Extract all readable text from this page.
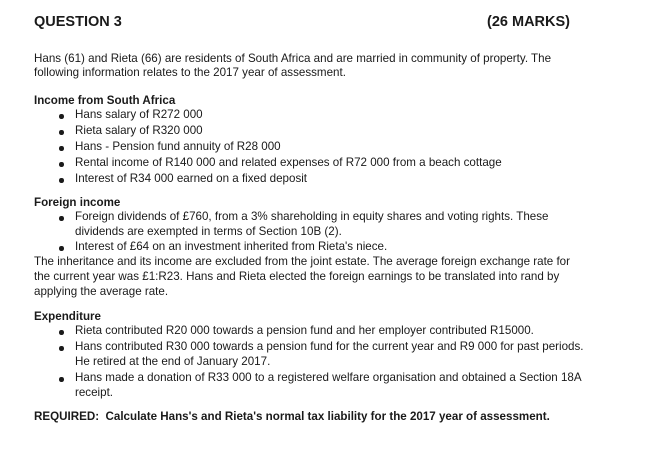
QUESTION 3	(26 MARKS)
Hans (61) and Rieta (66) are residents of South Africa and are married in community of property. The
following information relates to the 2017 year of assessment.
Income from South Africa
Hans salary of R272 000
Rieta salary of R320 000
Hans - Pension fund annuity of R28 000
Rental income of R140 000 and related expenses of R72 000 from a beach cottage
Interest of R34 000 earned on a fixed deposit
Foreign income
Foreign dividends of £760, from a 3% shareholding in equity shares and voting rights. These
dividends are exempted in terms of Section 10B (2).
Interest of £64 on an investment inherited from Rieta's niece.
The inheritance and its income are excluded from the joint estate. The average foreign exchange rate for
the current year was £1:R23. Hans and Rieta elected the foreign earnings to be translated into rand by
applying the average rate.
Expenditure
Rieta contributed R20 000 towards a pension fund and her employer contributed R15000.
Hans contributed R30 000 towards a pension fund for the current year and R9 000 for past periods.
He retired at the end of January 2017.
Hans made a donation of R33 000 to a registered welfare organisation and obtained a Section 18A
receipt.
REQUIRED:  Calculate Hans's and Rieta's normal tax liability for the 2017 year of assessment.
